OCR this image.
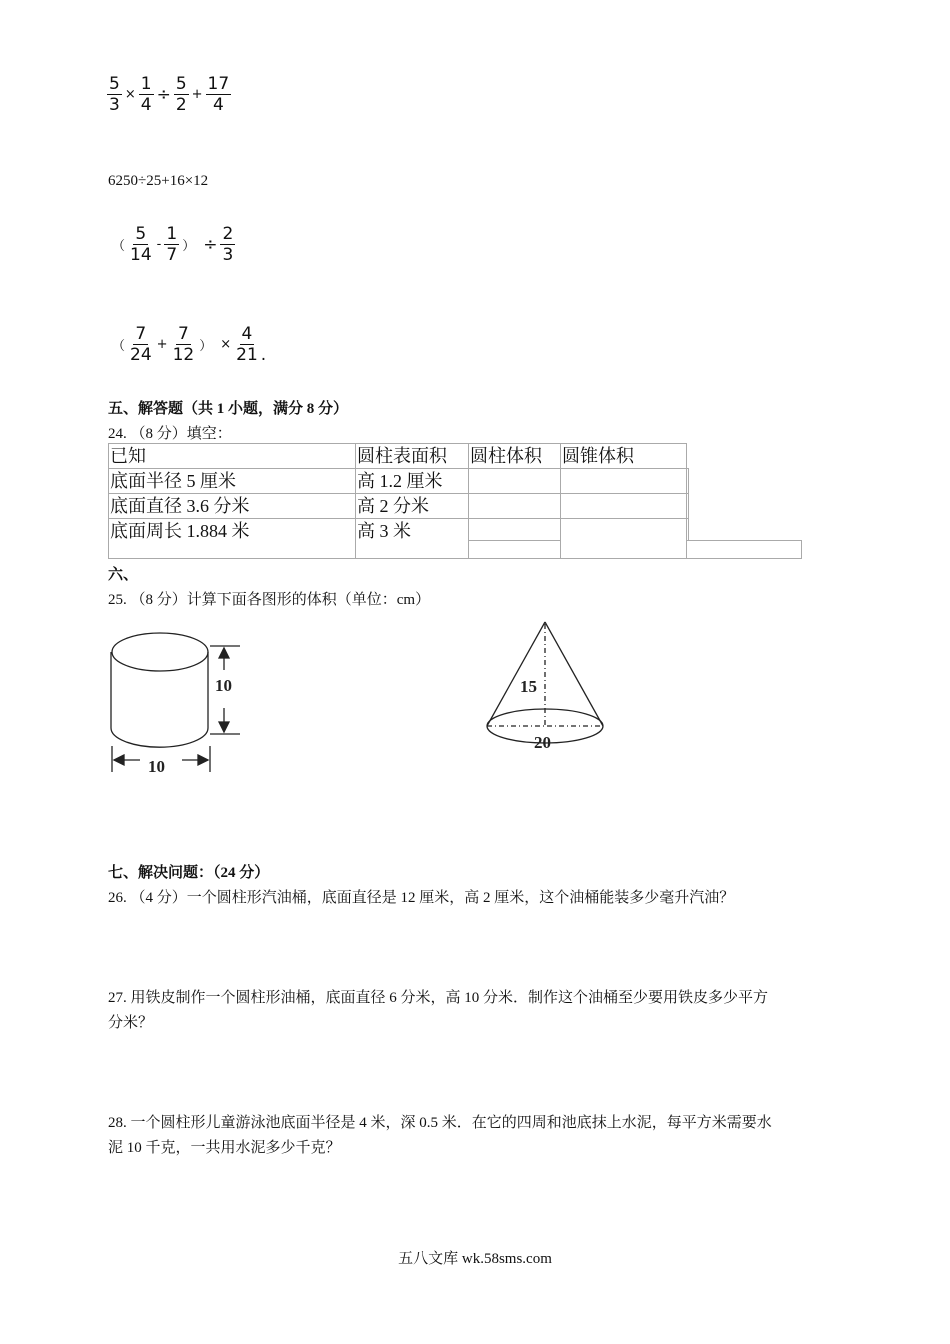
$\frac{5}{3} \times \frac{1}{4} \div \frac{5}{2} + \frac{17}{4}$
6250÷25+16×12
（
5
14
-
1
7 ） ÷ $\frac{2}{3}$
（
7
24
+ $\frac{7}{12}$ ） × $\frac{4}{21}$ .
五、解答题（共 1 小题，满分 8 分）
24. （8 分）填空：
已知	圆柱表面积 圆柱体积 圆锥体积
底面半径 5 厘米	高 1.2 厘米
底面直径 3.6 分米	高 2 分米
底面周长 1.884 米	高 3 米
六、
25. （8 分）计算下面各图形的体积（单位：cm）
10
10
15
20
七、解决问题：（24 分）
26. （4 分）一个圆柱形汽油桶，底面直径是 12 厘米，高 2 厘米，这个油桶能装多少毫升汽油？
27. 用铁皮制作一个圆柱形油桶，底面直径 6 分米，高 10 分米．制作这个油桶至少要用铁皮多少平方
分米？
28. 一个圆柱形儿童游泳池底面半径是 4 米，深 0.5 米．在它的四周和池底抹上水泥，每平方米需要水
泥 10 千克，一共用水泥多少千克？
五八文库 wk.58sms.com
